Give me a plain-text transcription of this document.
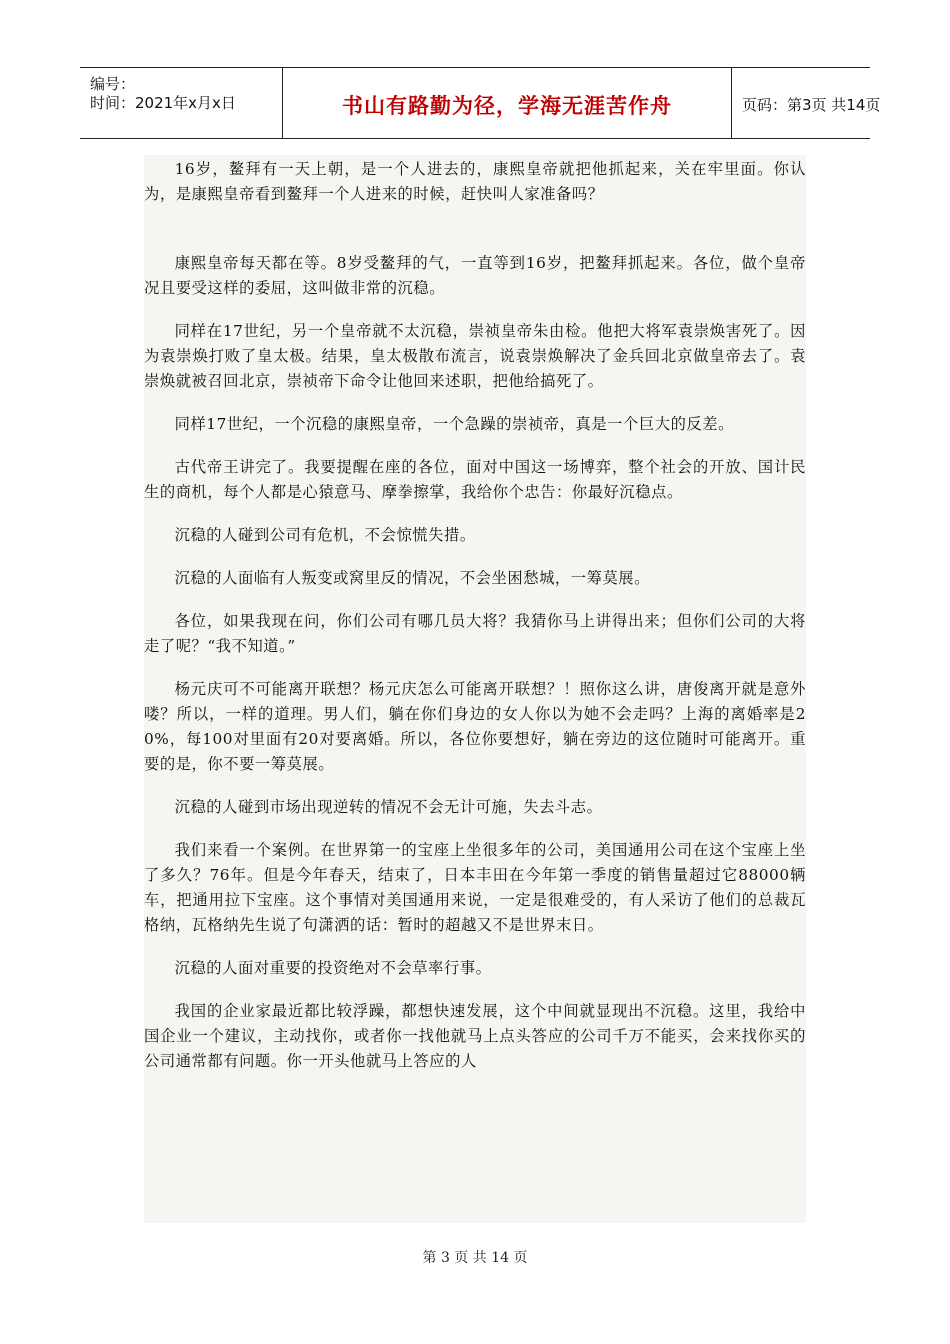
编号：
时间：2021年x月x日	书山有路勤为径，学海无涯苦作舟	页码：第3页 共14页

16岁，鳌拜有一天上朝，是一个人进去的，康熙皇帝就把他抓起来，关在牢里面。你认为，是康熙皇帝看到鳌拜一个人进来的时候，赶快叫人家准备吗？

康熙皇帝每天都在等。8岁受鳌拜的气，一直等到16岁，把鳌拜抓起来。各位，做个皇帝况且要受这样的委屈，这叫做非常的沉稳。

同样在17世纪，另一个皇帝就不太沉稳，崇祯皇帝朱由检。他把大将军袁崇焕害死了。因为袁崇焕打败了皇太极。结果，皇太极散布流言，说袁崇焕解决了金兵回北京做皇帝去了。袁崇焕就被召回北京，崇祯帝下命令让他回来述职，把他给搞死了。

同样17世纪，一个沉稳的康熙皇帝，一个急躁的崇祯帝，真是一个巨大的反差。

古代帝王讲完了。我要提醒在座的各位，面对中国这一场博弈，整个社会的开放、国计民生的商机，每个人都是心猿意马、摩拳擦掌，我给你个忠告：你最好沉稳点。

沉稳的人碰到公司有危机，不会惊慌失措。

沉稳的人面临有人叛变或窝里反的情况，不会坐困愁城，一筹莫展。

各位，如果我现在问，你们公司有哪几员大将？我猜你马上讲得出来；但你们公司的大将走了呢？“我不知道。”

杨元庆可不可能离开联想？杨元庆怎么可能离开联想？！照你这么讲，唐俊离开就是意外喽？所以，一样的道理。男人们，躺在你们身边的女人你以为她不会走吗？上海的离婚率是20%，每100对里面有20对要离婚。所以，各位你要想好，躺在旁边的这位随时可能离开。重要的是，你不要一筹莫展。

沉稳的人碰到市场出现逆转的情况不会无计可施，失去斗志。

我们来看一个案例。在世界第一的宝座上坐很多年的公司，美国通用公司在这个宝座上坐了多久？76年。但是今年春天，结束了，日本丰田在今年第一季度的销售量超过它88000辆车，把通用拉下宝座。这个事情对美国通用来说，一定是很难受的，有人采访了他们的总裁瓦格纳，瓦格纳先生说了句潇洒的话：暂时的超越又不是世界末日。

沉稳的人面对重要的投资绝对不会草率行事。

我国的企业家最近都比较浮躁，都想快速发展，这个中间就显现出不沉稳。这里，我给中国企业一个建议，主动找你，或者你一找他就马上点头答应的公司千万不能买，会来找你买的公司通常都有问题。你一开头他就马上答应的人

第 3 页 共 14 页
